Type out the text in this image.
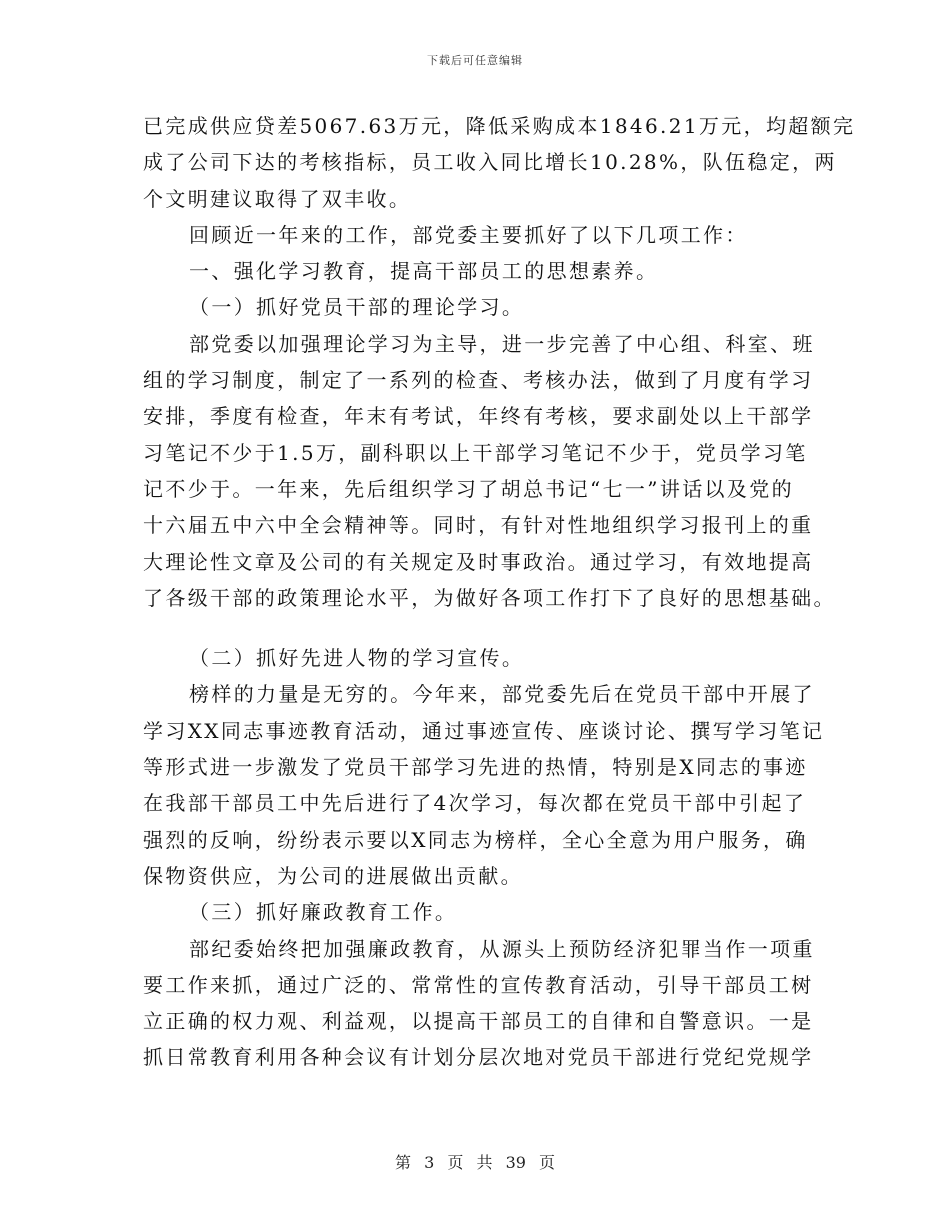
下载后可任意编辑
已完成供应贷差5067.63万元，降低采购成本1846.21万元，均超额完
成了公司下达的考核指标，员工收入同比增长10.28%，队伍稳定，两
个文明建议取得了双丰收。
回顾近一年来的工作，部党委主要抓好了以下几项工作：
一、强化学习教育，提高干部员工的思想素养。
（一）抓好党员干部的理论学习。
部党委以加强理论学习为主导，进一步完善了中心组、科室、班
组的学习制度，制定了一系列的检查、考核办法，做到了月度有学习
安排，季度有检查，年末有考试，年终有考核，要求副处以上干部学
习笔记不少于1.5万，副科职以上干部学习笔记不少于，党员学习笔
记不少于。一年来，先后组织学习了胡总书记“七一”讲话以及党的
十六届五中六中全会精神等。同时，有针对性地组织学习报刊上的重
大理论性文章及公司的有关规定及时事政治。通过学习，有效地提高
了各级干部的政策理论水平，为做好各项工作打下了良好的思想基础。
（二）抓好先进人物的学习宣传。
榜样的力量是无穷的。今年来，部党委先后在党员干部中开展了
学习XX同志事迹教育活动，通过事迹宣传、座谈讨论、撰写学习笔记
等形式进一步激发了党员干部学习先进的热情，特别是X同志的事迹
在我部干部员工中先后进行了4次学习，每次都在党员干部中引起了
强烈的反响，纷纷表示要以X同志为榜样，全心全意为用户服务，确
保物资供应，为公司的进展做出贡献。
（三）抓好廉政教育工作。
部纪委始终把加强廉政教育，从源头上预防经济犯罪当作一项重
要工作来抓，通过广泛的、常常性的宣传教育活动，引导干部员工树
立正确的权力观、利益观，以提高干部员工的自律和自警意识。一是
抓日常教育利用各种会议有计划分层次地对党员干部进行党纪党规学
第 3 页 共 39 页
